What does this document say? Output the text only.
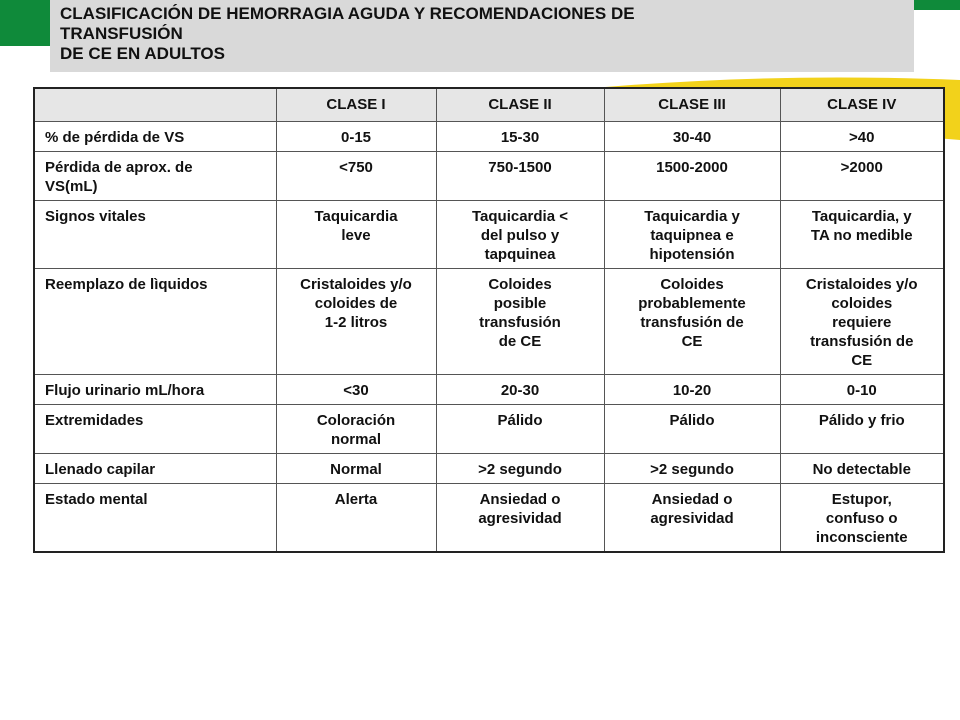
CLASIFICACIÓN DE HEMORRAGIA AGUDA Y RECOMENDACIONES DE
TRANSFUSIÓN
DE CE EN ADULTOS
	CLASE I	CLASE II	CLASE III	CLASE IV

% de pérdida de VS	0-15	15-30	30-40	>40

Pérdida de aprox. de
VS(mL)	<750	750-1500	1500-2000	>2000

Signos vitales	Taquicardia
leve	Taquicardia <
del pulso y
tapquinea	Taquicardia y
taquipnea e
hipotensión	Taquicardia, y
TA no medible

Reemplazo de lìquidos	Cristaloides y/o
coloides de
1-2 litros	Coloides
posible
transfusión
de CE	Coloides
probablemente
transfusión de
CE	Cristaloides y/o
coloides
requiere
transfusión de
CE

Flujo urinario mL/hora	<30	20-30	10-20	0-10

Extremidades	Coloración
normal	Pálido	Pálido	Pálido y frio

Llenado capilar	Normal	>2 segundo	>2 segundo	No detectable

Estado mental	Alerta	Ansiedad o
agresividad	Ansiedad o
agresividad	Estupor,
confuso o
inconsciente
